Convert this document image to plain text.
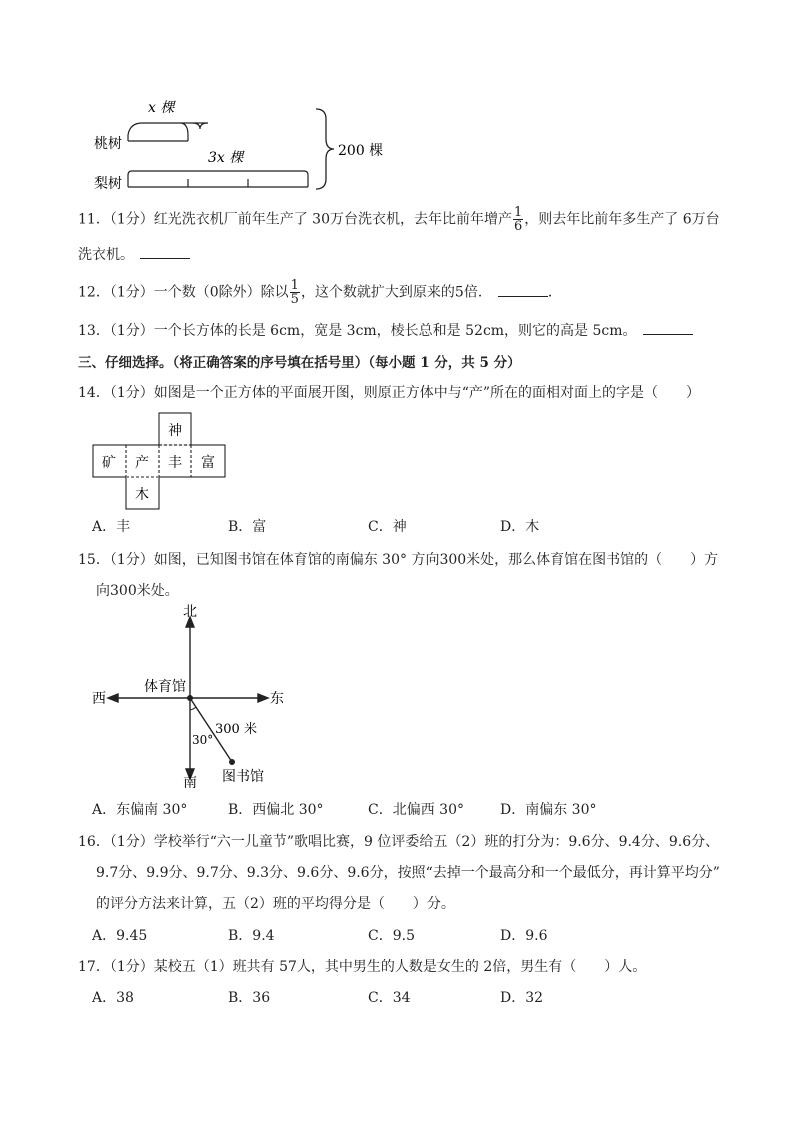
x 棵
桃树
3x 棵
梨树
200 棵
11．（1分）红光洗衣机厂前年生产了 30万台洗衣机，去年比前年增产 $\frac{1}{6}$ ，则去年比前年多生产了 6万台
洗衣机。
12．（1分）一个数（0除外）除以 $\frac{1}{5}$ ，这个数就扩大到原来的5倍．	．
13．（1分）一个长方体的长是 6cm，宽是 3cm，棱长总和是 52cm，则它的高是 5cm。
三、仔细选择。（将正确答案的序号填在括号里）（每小题 1 分，共 5 分）
14．（1分）如图是一个正方体的平面展开图，则原正方体中与“产”所在的面相对面上的字是（　　）
神
矿 产 丰 富
木
A．丰	B．富	C．神	D．木
15．（1分）如图，已知图书馆在体育馆的南偏东 30° 方向300米处，那么体育馆在图书馆的（　　）方
向300米处。
北
南
西	东
体育馆
300 米
30°
图书馆
A．东偏南 30°	B．西偏北 30°	C．北偏西 30°	D．南偏东 30°
16．（1分）学校举行“六一儿童节”歌唱比赛，9 位评委给五（2）班的打分为：9.6分、9.4分、9.6分、
9.7分、9.9分、9.7分、9.3分、9.6分、9.6分，按照“去掉一个最高分和一个最低分，再计算平均分”
的评分方法来计算，五（2）班的平均得分是（　　）分。
A．9.45	B．9.4	C．9.5	D．9.6
17．（1分）某校五（1）班共有 57人，其中男生的人数是女生的 2倍，男生有（　　）人。
A．38	B．36	C．34	D．32
